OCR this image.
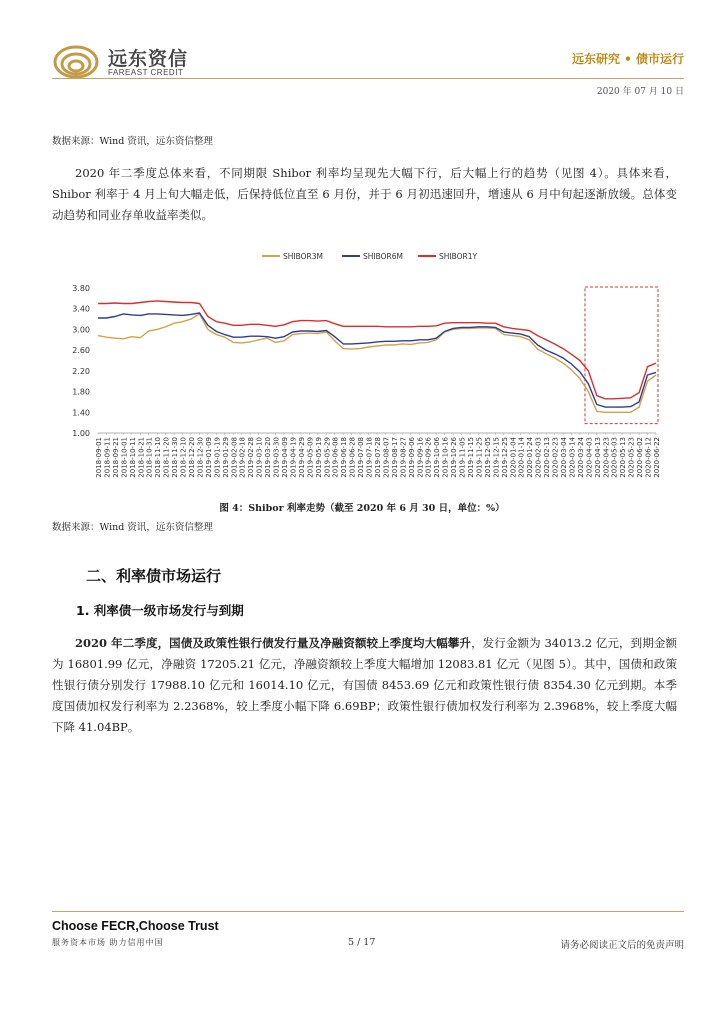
远东资信
FAREAST CREDIT
远东研究 • 债市运行
2020 年 07 月 10 日
数据来源：Wind 资讯，远东资信整理

2020 年二季度总体来看，不同期限 Shibor 利率均呈现先大幅下行，后大幅上行的趋势（见图 4）。具体来看，Shibor 利率于 4 月上旬大幅走低，后保持低位直至 6 月份，并于 6 月初迅速回升，增速从 6 月中旬起逐渐放缓。总体变动趋势和同业存单收益率类似。

3.80
3.40
3.00
2.60
2.20
1.80
1.40
1.00
2018-09-01 2018-09-11 2018-09-21 2018-10-01 2018-10-11 2018-10-21 2018-10-31 2018-11-10 2018-11-20 2018-11-30 2018-12-10 2018-12-20 2018-12-30 2019-01-09 2019-01-19 2019-01-29 2019-02-08 2019-02-18 2019-02-28 2019-03-10 2019-03-20 2019-03-30 2019-04-09 2019-04-19 2019-04-29 2019-05-09 2019-05-19 2019-05-29 2019-06-08 2019-06-18 2019-06-28 2019-07-08 2019-07-18 2019-07-28 2019-08-07 2019-08-17 2019-08-27 2019-09-06 2019-09-16 2019-09-26 2019-10-06 2019-10-16 2019-10-26 2019-11-05 2019-11-15 2019-11-25 2019-12-05 2019-12-15 2019-12-25 2020-01-04 2020-01-14 2020-01-24 2020-02-03 2020-02-13 2020-02-23 2020-03-04 2020-03-14 2020-03-24 2020-04-03 2020-04-13 2020-04-23 2020-05-03 2020-05-13 2020-05-23 2020-06-02 2020-06-12 2020-06-22
SHIBOR3M	SHIBOR6M	SHIBOR1Y
图 4：Shibor 利率走势（截至 2020 年 6 月 30 日，单位：%）
数据来源：Wind 资讯，远东资信整理
二、利率债市场运行
1. 利率债一级市场发行与到期

2020 年二季度，国债及政策性银行债发行量及净融资额较上季度均大幅攀升，发行金额为 34013.2 亿元，到期金额为 16801.99 亿元，净融资 17205.21 亿元，净融资额较上季度大幅增加 12083.81 亿元（见图 5）。其中，国债和政策性银行债分别发行 17988.10 亿元和 16014.10 亿元，有国债 8453.69 亿元和政策性银行债 8354.30 亿元到期。本季度国债加权发行利率为 2.2368%，较上季度小幅下降 6.69BP；政策性银行债加权发行利率为 2.3968%，较上季度大幅下降 41.04BP。

Choose FECR,Choose Trust
服务资本市场 助力信用中国	5 / 17	请务必阅读正文后的免责声明
